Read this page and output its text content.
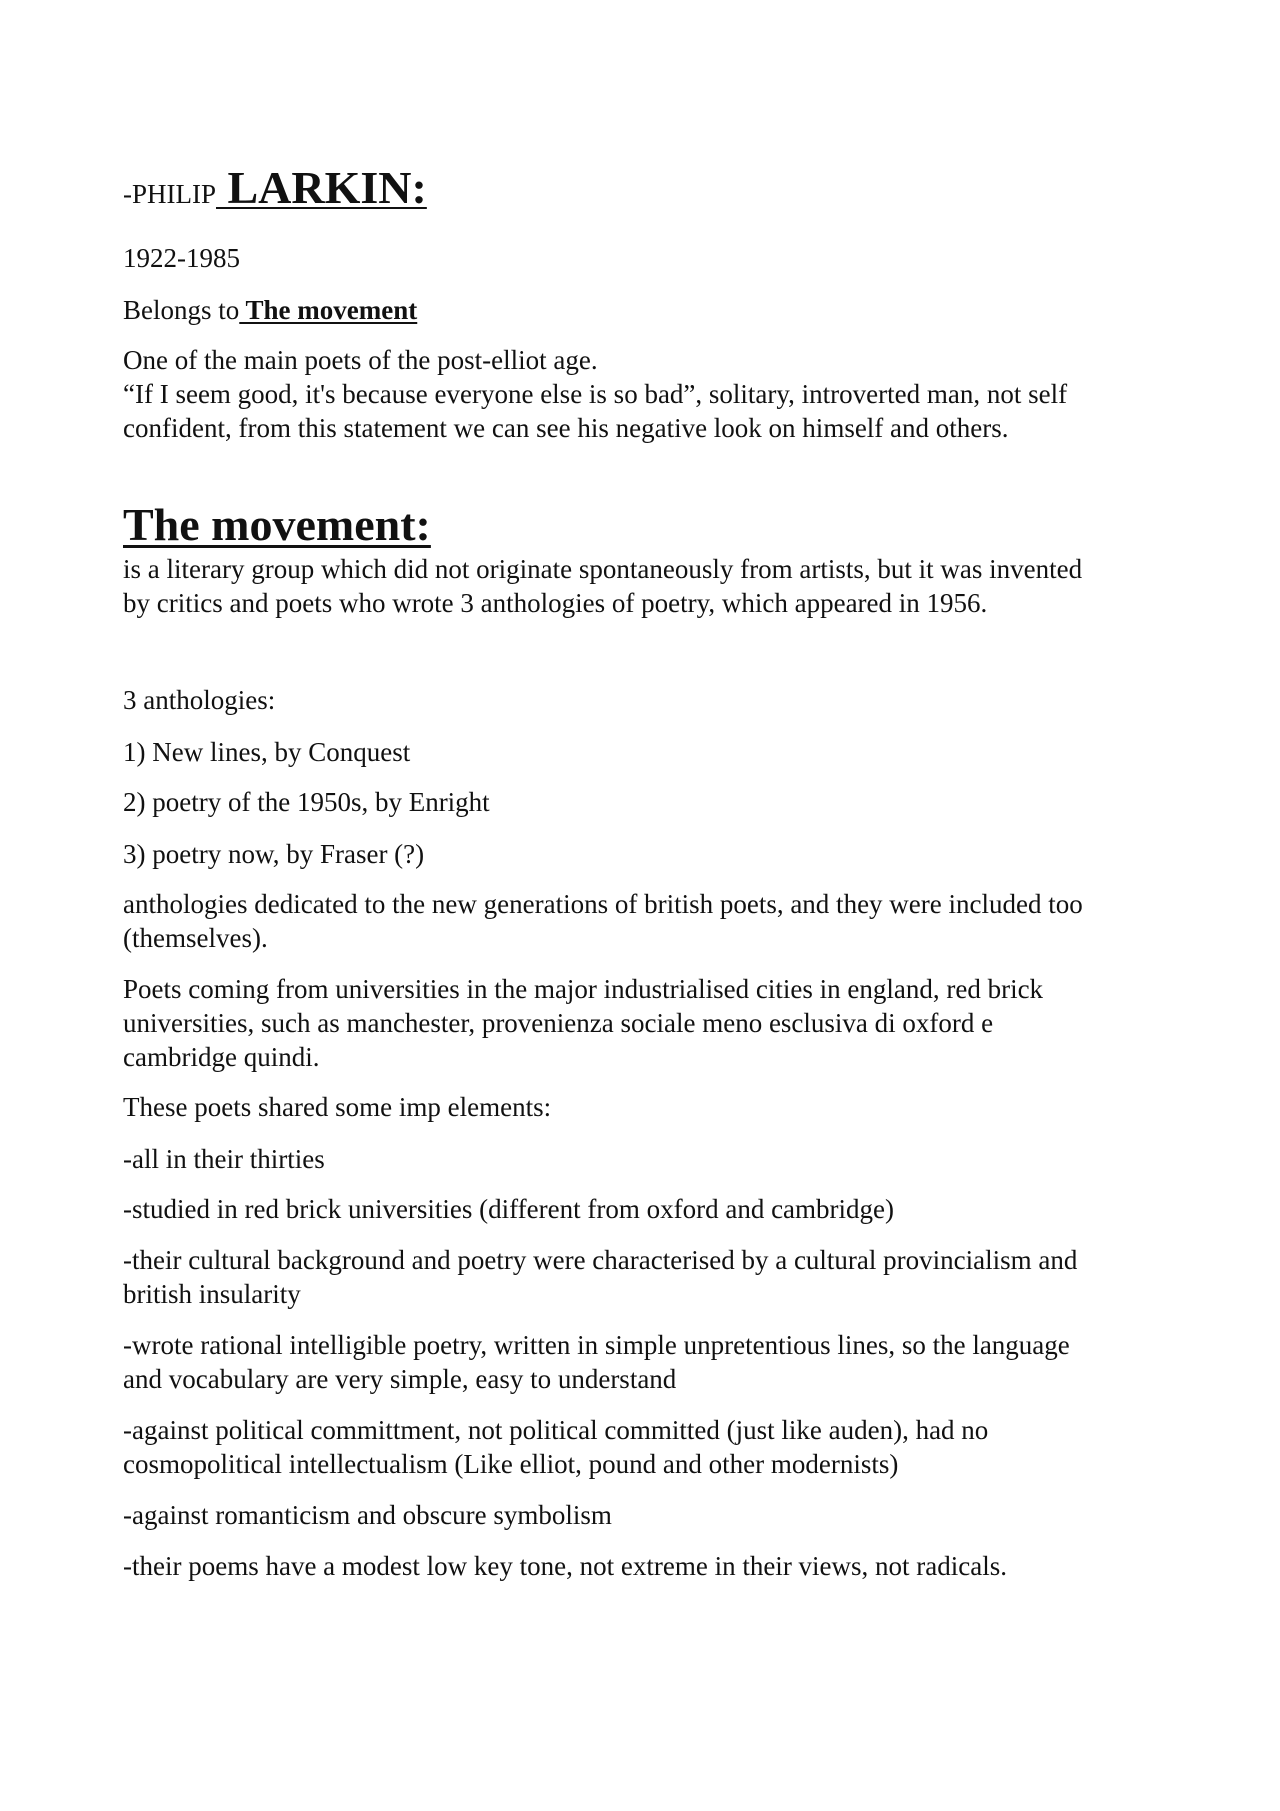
-PHILIP LARKIN:

1922-1985

Belongs to The movement

One of the main poets of the post-elliot age.

“If I seem good, it's because everyone else is so bad”, solitary, introverted man, not self

confident, from this statement we can see his negative look on himself and others.

The movement:

is a literary group which did not originate spontaneously from artists, but it was invented

by critics and poets who wrote 3 anthologies of poetry, which appeared in 1956.

3 anthologies:

1) New lines, by Conquest

2) poetry of the 1950s, by Enright

3) poetry now, by Fraser (?)

anthologies dedicated to the new generations of british poets, and they were included too

(themselves).

Poets coming from universities in the major industrialised cities in england, red brick

universities, such as manchester, provenienza sociale meno esclusiva di oxford e

cambridge quindi.

These poets shared some imp elements:

-all in their thirties

-studied in red brick universities (different from oxford and cambridge)

-their cultural background and poetry were characterised by a cultural provincialism and

british insularity

-wrote rational intelligible poetry, written in simple unpretentious lines, so the language

and vocabulary are very simple, easy to understand

-against political committment, not political committed (just like auden), had no

cosmopolitical intellectualism (Like elliot, pound and other modernists)

-against romanticism and obscure symbolism

-their poems have a modest low key tone, not extreme in their views, not radicals.
